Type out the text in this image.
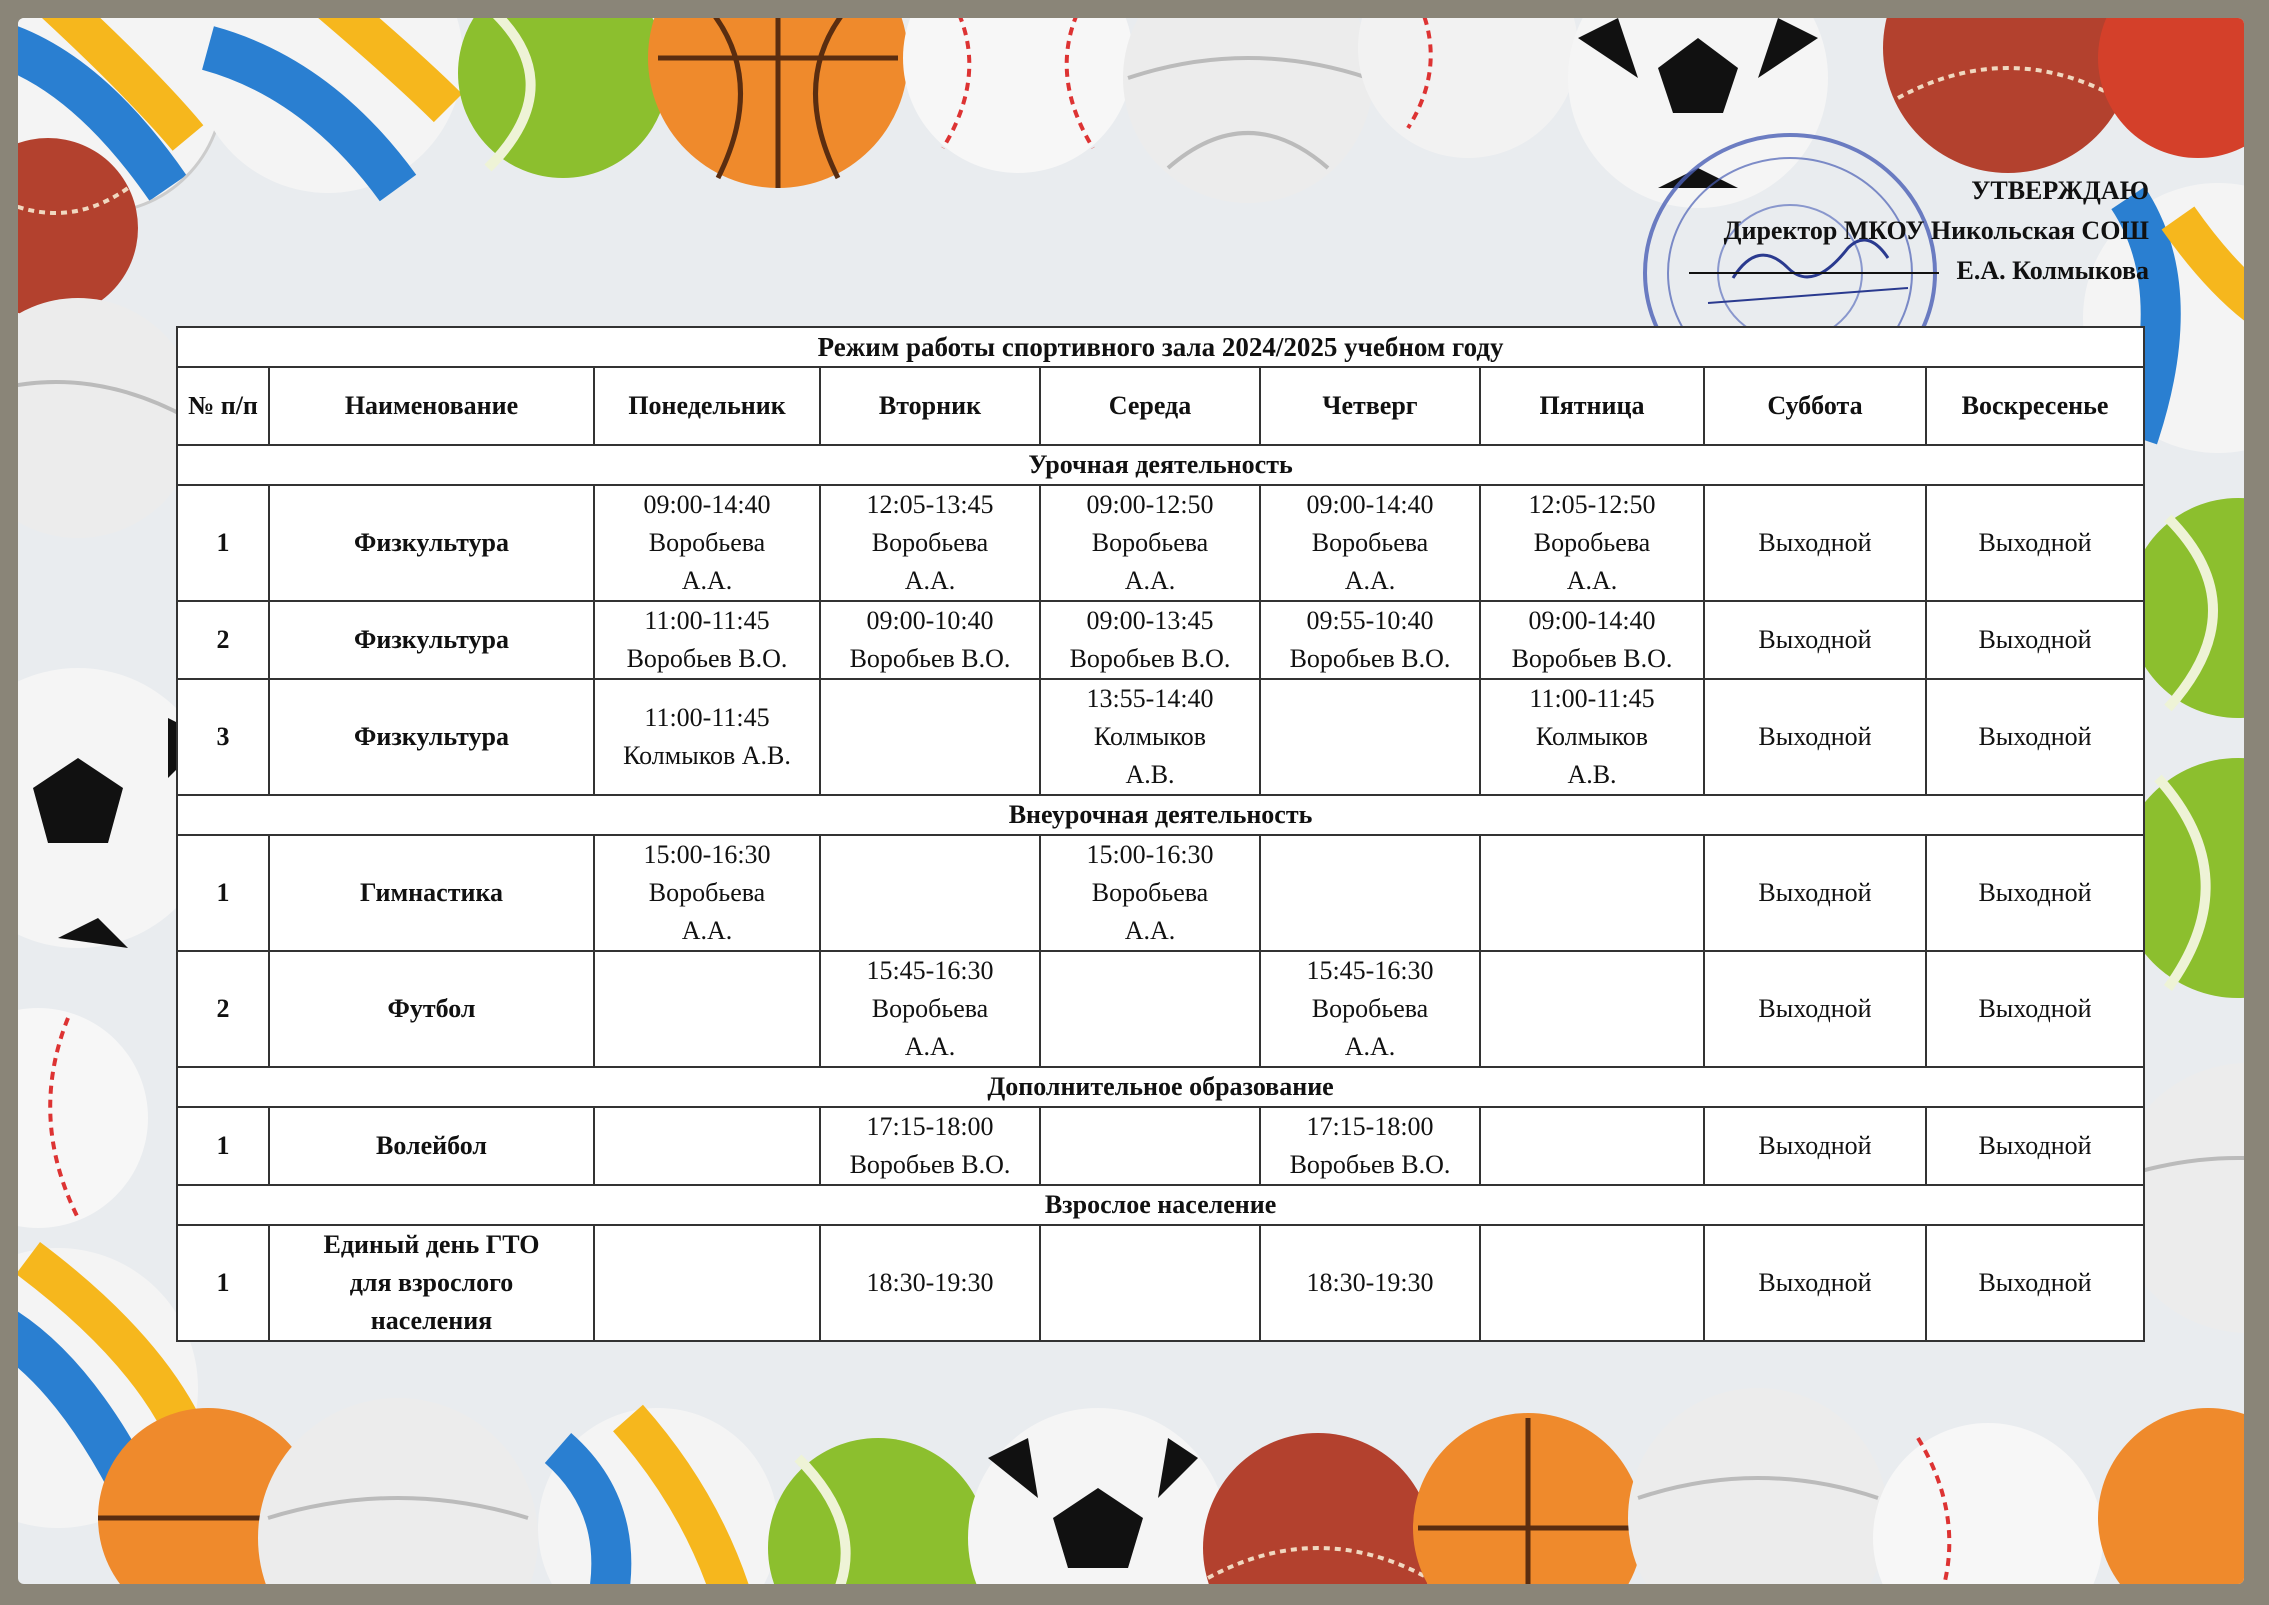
УТВЕРЖДАЮ
Директор МКОУ Никольская СОШ
Е.А. Колмыкова
Режим работы спортивного зала 2024/2025 учебном году								
№ п/п	Наименование	Понедельник	Вторник	Середа	Четверг	Пятница	Суббота	Воскресенье
Урочная деятельность								
1	Физкультура	09:00-14:40
Воробьева
А.А.	12:05-13:45
Воробьева
А.А.	09:00-12:50
Воробьева
А.А.	09:00-14:40
Воробьева
А.А.	12:05-12:50
Воробьева
А.А.	Выходной	Выходной
2	Физкультура	11:00-11:45
Воробьев В.О.	09:00-10:40
Воробьев В.О.	09:00-13:45
Воробьев В.О.	09:55-10:40
Воробьев В.О.	09:00-14:40
Воробьев В.О.	Выходной	Выходной
3	Физкультура	11:00-11:45
Колмыков А.В.		13:55-14:40
Колмыков
А.В.		11:00-11:45
Колмыков
А.В.	Выходной	Выходной
Внеурочная деятельность								
1	Гимнастика	15:00-16:30
Воробьева
А.А.		15:00-16:30
Воробьева
А.А.			Выходной	Выходной
2	Футбол		15:45-16:30
Воробьева
А.А.		15:45-16:30
Воробьева
А.А.		Выходной	Выходной
Дополнительное образование								
1	Волейбол		17:15-18:00
Воробьев В.О.		17:15-18:00
Воробьев В.О.		Выходной	Выходной
Взрослое население								
1	Единый день ГТО
для взрослого
населения		18:30-19:30		18:30-19:30		Выходной	Выходной
